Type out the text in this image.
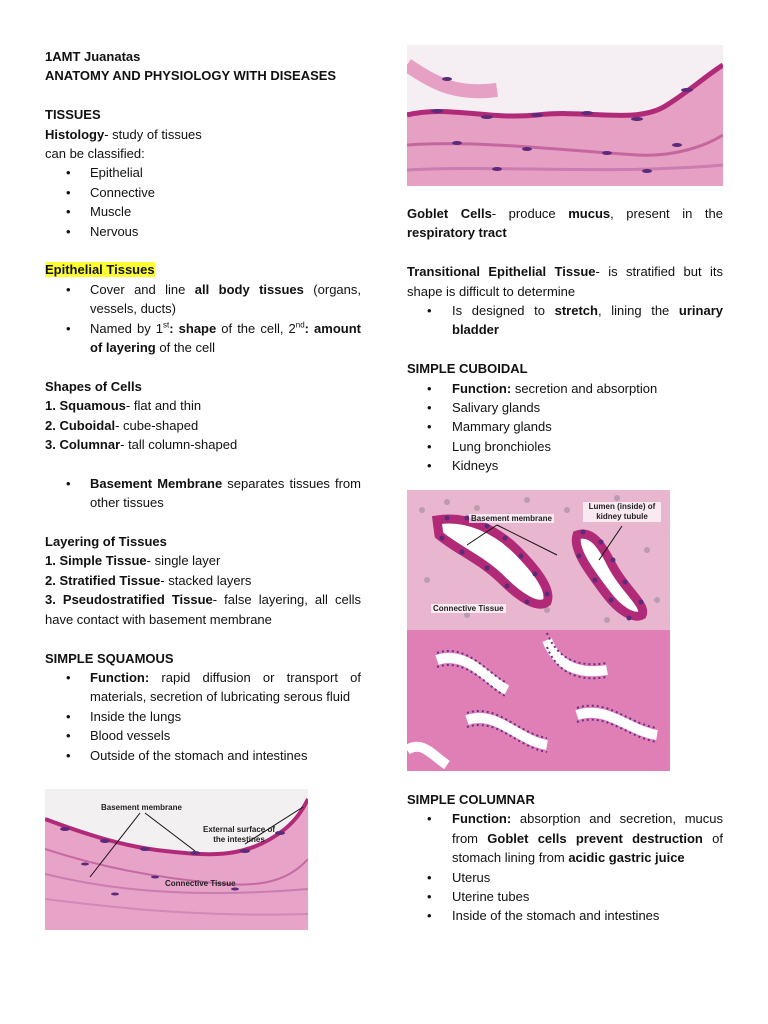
1AMT Juanatas
ANATOMY AND PHYSIOLOGY WITH DISEASES
TISSUES
Histology- study of tissues
can be classified:
• Epithelial
• Connective
• Muscle
• Nervous
Epithelial Tissues
• Cover and line all body tissues (organs, vessels, ducts)
• Named by 1st: shape of the cell, 2nd: amount of layering of the cell
Shapes of Cells
1. Squamous- flat and thin
2. Cuboidal- cube-shaped
3. Columnar- tall column-shaped
• Basement Membrane separates tissues from other tissues
Layering of Tissues
1. Simple Tissue- single layer
2. Stratified Tissue- stacked layers
3. Pseudostratified Tissue- false layering, all cells have contact with basement membrane
SIMPLE SQUAMOUS
• Function: rapid diffusion or transport of materials, secretion of lubricating serous fluid
• Inside the lungs
• Blood vessels
• Outside of the stomach and intestines
Basement membrane
External surface of the intestines
Connective Tissue
Goblet Cells- produce mucus, present in the respiratory tract
Transitional Epithelial Tissue- is stratified but its shape is difficult to determine
• Is designed to stretch, lining the urinary bladder
SIMPLE CUBOIDAL
• Function: secretion and absorption
• Salivary glands
• Mammary glands
• Lung bronchioles
• Kidneys
Basement membrane
Lumen (inside) of kidney tubule
Connective Tissue
SIMPLE COLUMNAR
• Function: absorption and secretion, mucus from Goblet cells prevent destruction of stomach lining from acidic gastric juice
• Uterus
• Uterine tubes
• Inside of the stomach and intestines
